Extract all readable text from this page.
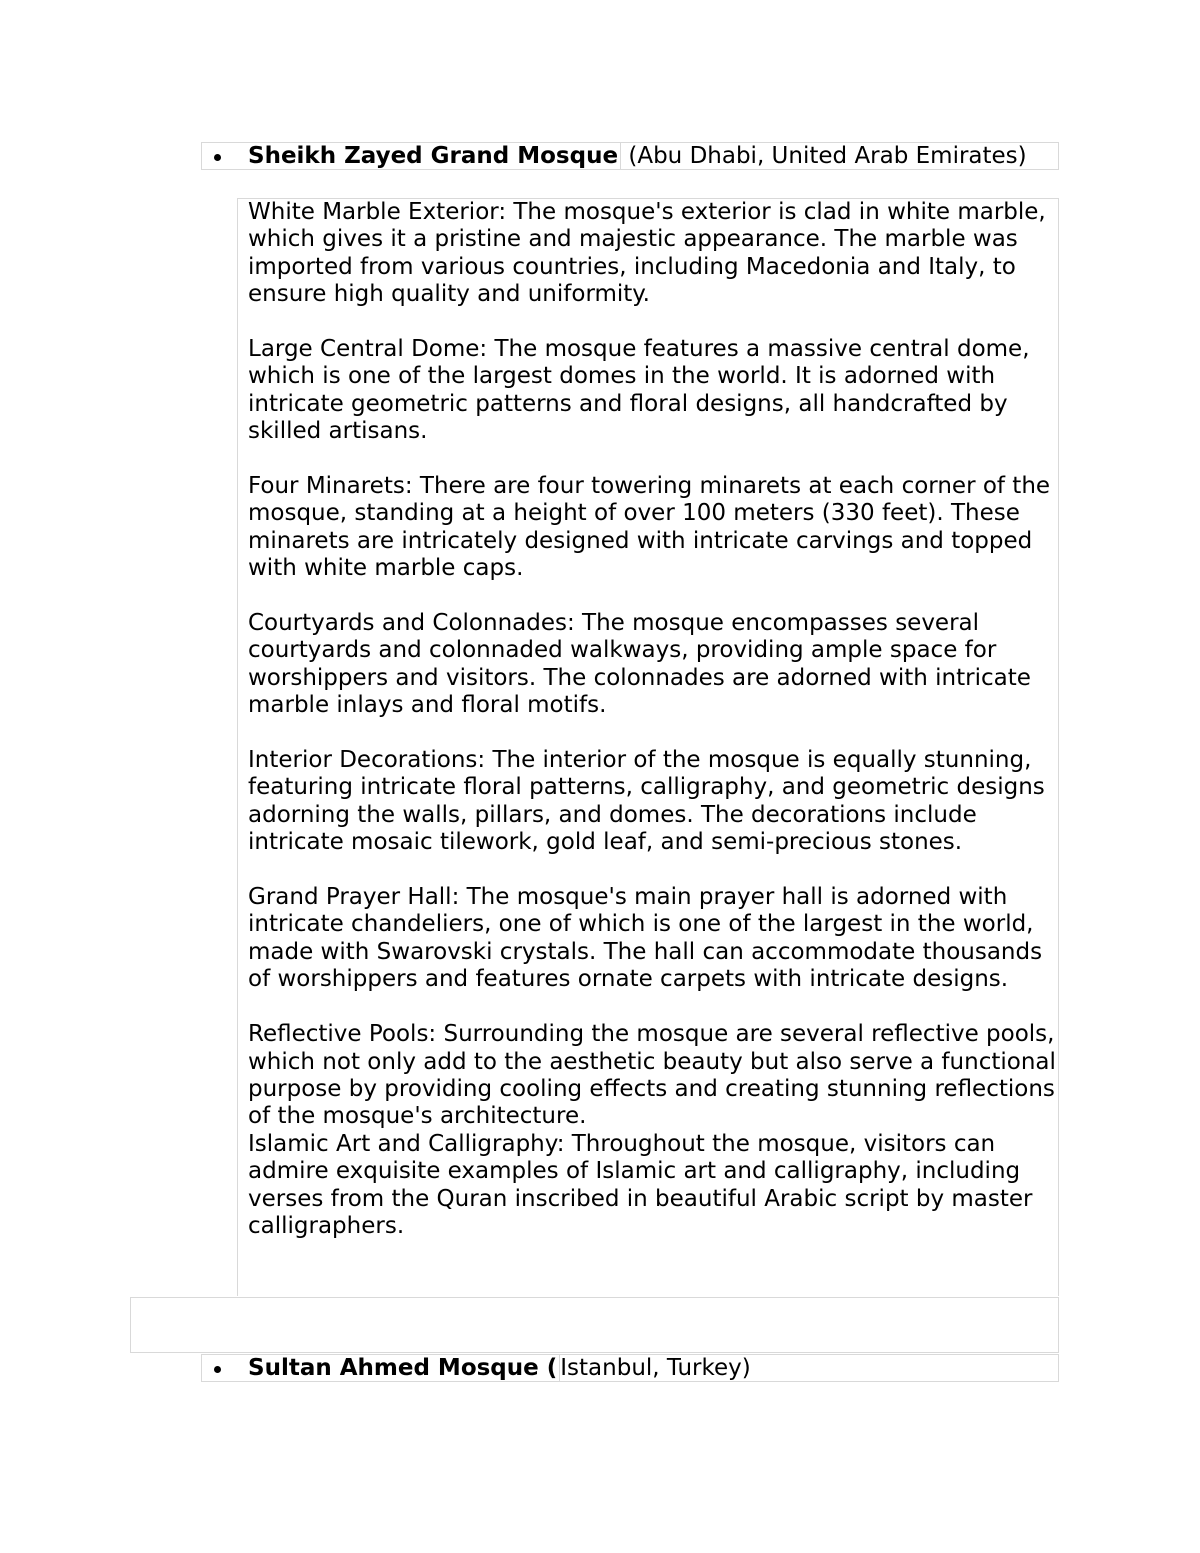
Sheikh Zayed Grand Mosque (Abu Dhabi, United Arab Emirates)

White Marble Exterior: The mosque's exterior is clad in white marble, which gives it a pristine and majestic appearance. The marble was imported from various countries, including Macedonia and Italy, to ensure high quality and uniformity.

Large Central Dome: The mosque features a massive central dome, which is one of the largest domes in the world. It is adorned with intricate geometric patterns and floral designs, all handcrafted by skilled artisans.

Four Minarets: There are four towering minarets at each corner of the mosque, standing at a height of over 100 meters (330 feet). These minarets are intricately designed with intricate carvings and topped with white marble caps.

Courtyards and Colonnades: The mosque encompasses several courtyards and colonnaded walkways, providing ample space for worshippers and visitors. The colonnades are adorned with intricate marble inlays and floral motifs.

Interior Decorations: The interior of the mosque is equally stunning, featuring intricate floral patterns, calligraphy, and geometric designs adorning the walls, pillars, and domes. The decorations include intricate mosaic tilework, gold leaf, and semi-precious stones.

Grand Prayer Hall: The mosque's main prayer hall is adorned with intricate chandeliers, one of which is one of the largest in the world, made with Swarovski crystals. The hall can accommodate thousands of worshippers and features ornate carpets with intricate designs.

Reflective Pools: Surrounding the mosque are several reflective pools, which not only add to the aesthetic beauty but also serve a functional purpose by providing cooling effects and creating stunning reflections of the mosque's architecture.

Islamic Art and Calligraphy: Throughout the mosque, visitors can admire exquisite examples of Islamic art and calligraphy, including verses from the Quran inscribed in beautiful Arabic script by master calligraphers.

Sultan Ahmed Mosque ( Istanbul, Turkey)
